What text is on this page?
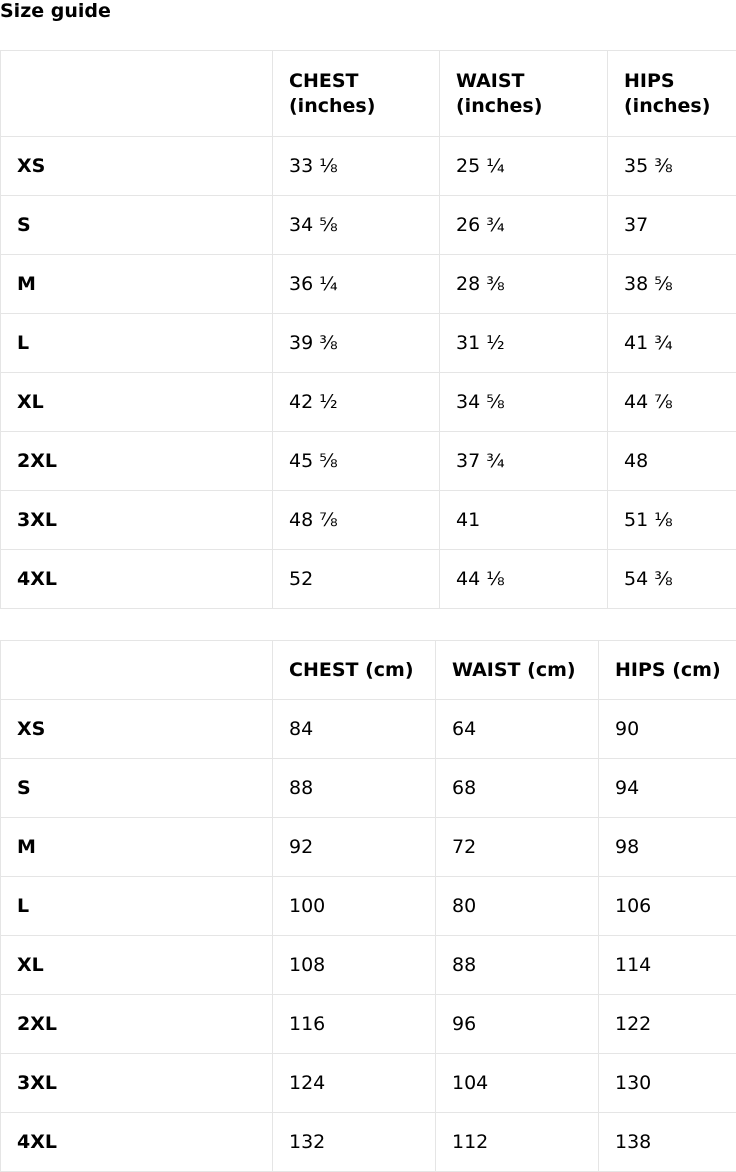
Size guide
	CHEST (inches)	WAIST (inches)	HIPS (inches)
XS	33 ⅛	25 ¼	35 ⅜
S	34 ⅝	26 ¾	37
M	36 ¼	28 ⅜	38 ⅝
L	39 ⅜	31 ½	41 ¾
XL	42 ½	34 ⅝	44 ⅞
2XL	45 ⅝	37 ¾	48
3XL	48 ⅞	41	51 ⅛
4XL	52	44 ⅛	54 ⅜
	CHEST (cm)	WAIST (cm)	HIPS (cm)
XS	84	64	90
S	88	68	94
M	92	72	98
L	100	80	106
XL	108	88	114
2XL	116	96	122
3XL	124	104	130
4XL	132	112	138
